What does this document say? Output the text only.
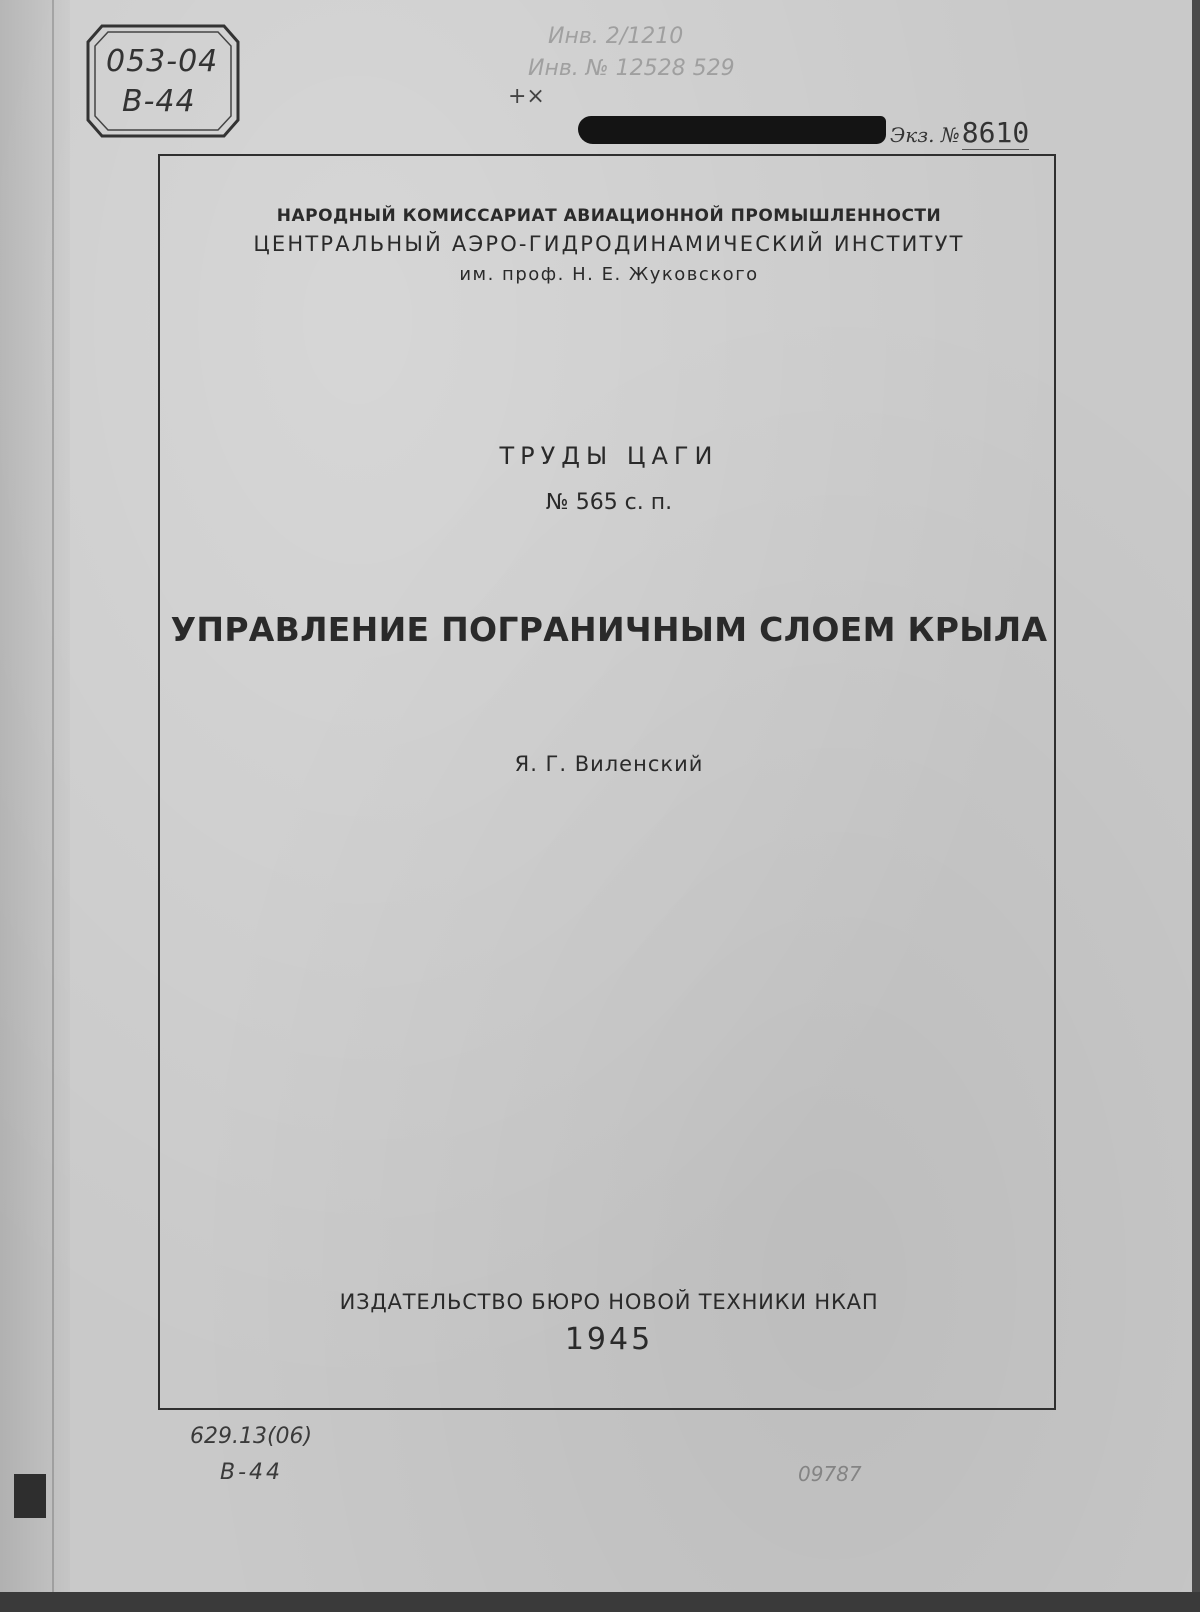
053-04
В-44
Инв. 2/1210
Инв. № 12528 529
+×
Экз. №8610
НАРОДНЫЙ КОМИССАРИАТ АВИАЦИОННОЙ ПРОМЫШЛЕННОСТИ
ЦЕНТРАЛЬНЫЙ АЭРО-ГИДРОДИНАМИЧЕСКИЙ ИНСТИТУТ
им. проф. Н. Е. Жуковского
ТРУДЫ ЦАГИ
№ 565 с. п.
УПРАВЛЕНИЕ ПОГРАНИЧНЫМ СЛОЕМ КРЫЛА
Я. Г. Виленский
ИЗДАТЕЛЬСТВО БЮРО НОВОЙ ТЕХНИКИ НКАП
1945
629.13(06)
В-44	09787
